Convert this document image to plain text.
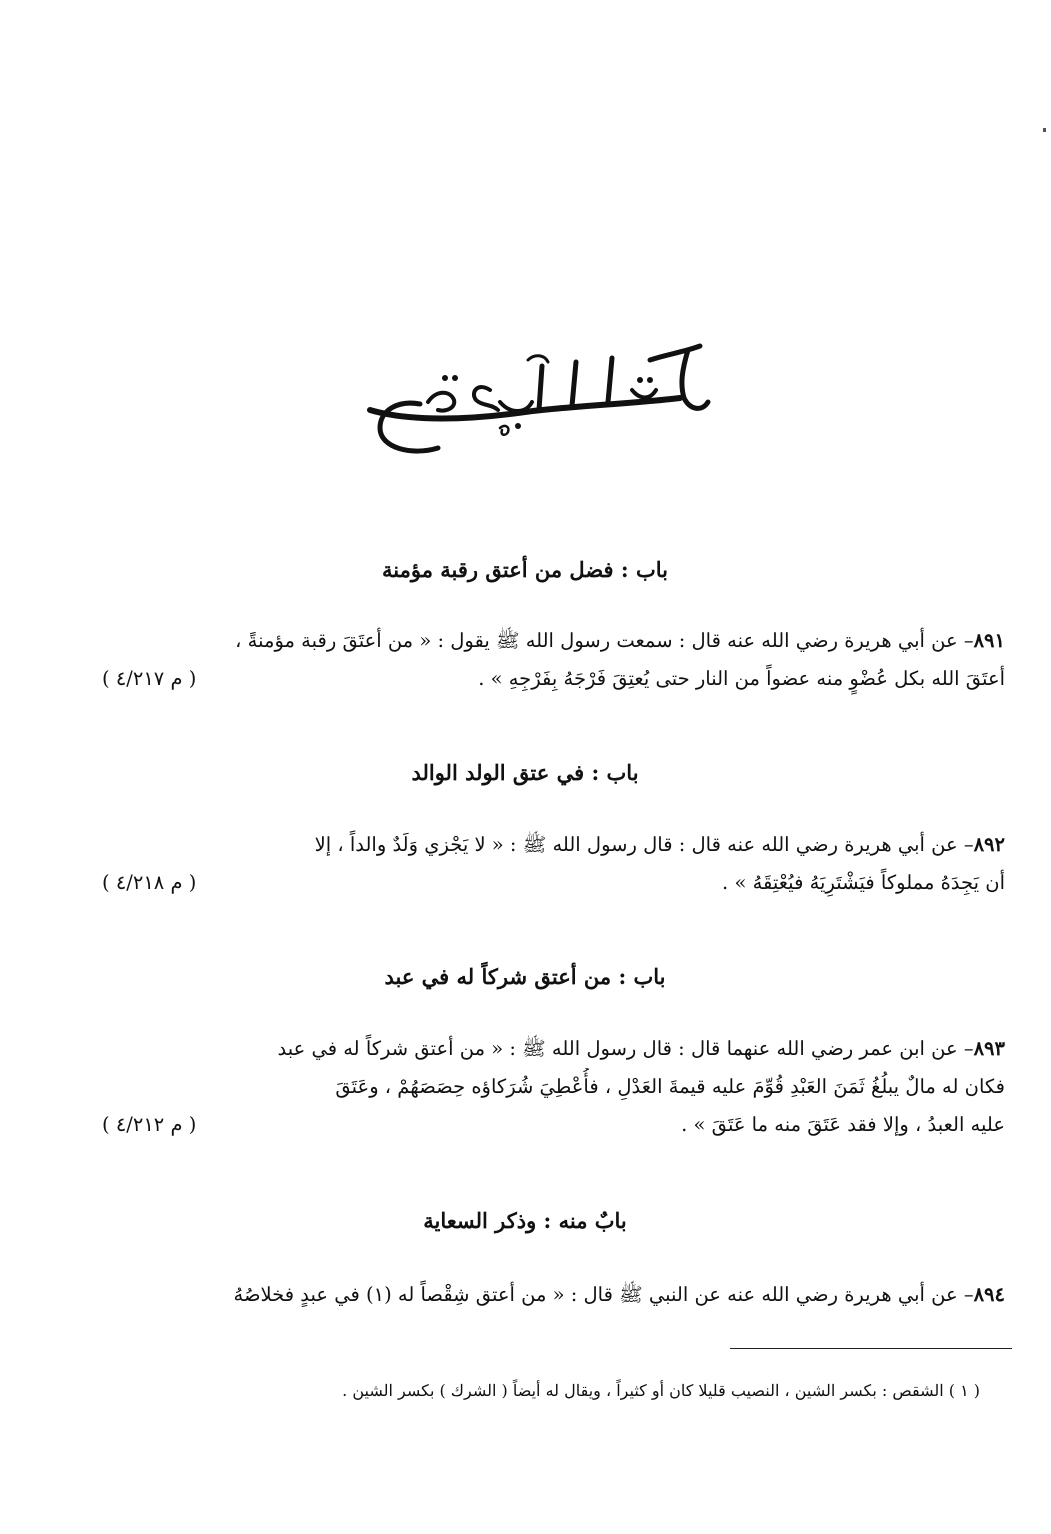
باب : فضل من أعتق رقبة مؤمنة
٨٩١– عن أبي هريرة رضي الله عنه قال : سمعت رسول الله ﷺ يقول : « من أعتَقَ رقبة مؤمنةً ،
أعتَقَ الله بكل عُضْوٍ منه عضواً من النار حتى يُعتِقَ فَرْجَهُ بِفَرْجِهِ » .
( م ٤/٢١٧ )
باب : في عتق الولد الوالد
٨٩٢– عن أبي هريرة رضي الله عنه قال : قال رسول الله ﷺ : « لا يَجْزي وَلَدٌ والداً ، إلا
أن يَجِدَهُ مملوكاً فيَشْتَرِيَهُ فيُعْتِقَهُ » .
( م ٤/٢١٨ )
باب : من أعتق شركاً له في عبد
٨٩٣– عن ابن عمر رضي الله عنهما قال : قال رسول الله ﷺ : « من أعتق شركاً له في عبد
فكان له مالٌ يبلُغُ ثَمَنَ العَبْدِ قُوِّمَ عليه قيمةَ العَدْلِ ، فأُعْطِيَ شُرَكاؤه حِصَصَهُمْ ، وعَتَقَ
عليه العبدُ ، وإلا فقد عَتَقَ منه ما عَتَقَ » .
( م ٤/٢١٢ )
بابٌ منه : وذكر السعاية
٨٩٤– عن أبي هريرة رضي الله عنه عن النبي ﷺ قال : « من أعتق شِقْصاً له (١) في عبدٍ فخلاصُهُ
( ١ ) الشقص : بكسر الشين ، النصيب قليلا كان أو كثيراً ، ويقال له أيضاً ( الشرك ) بكسر الشين .
